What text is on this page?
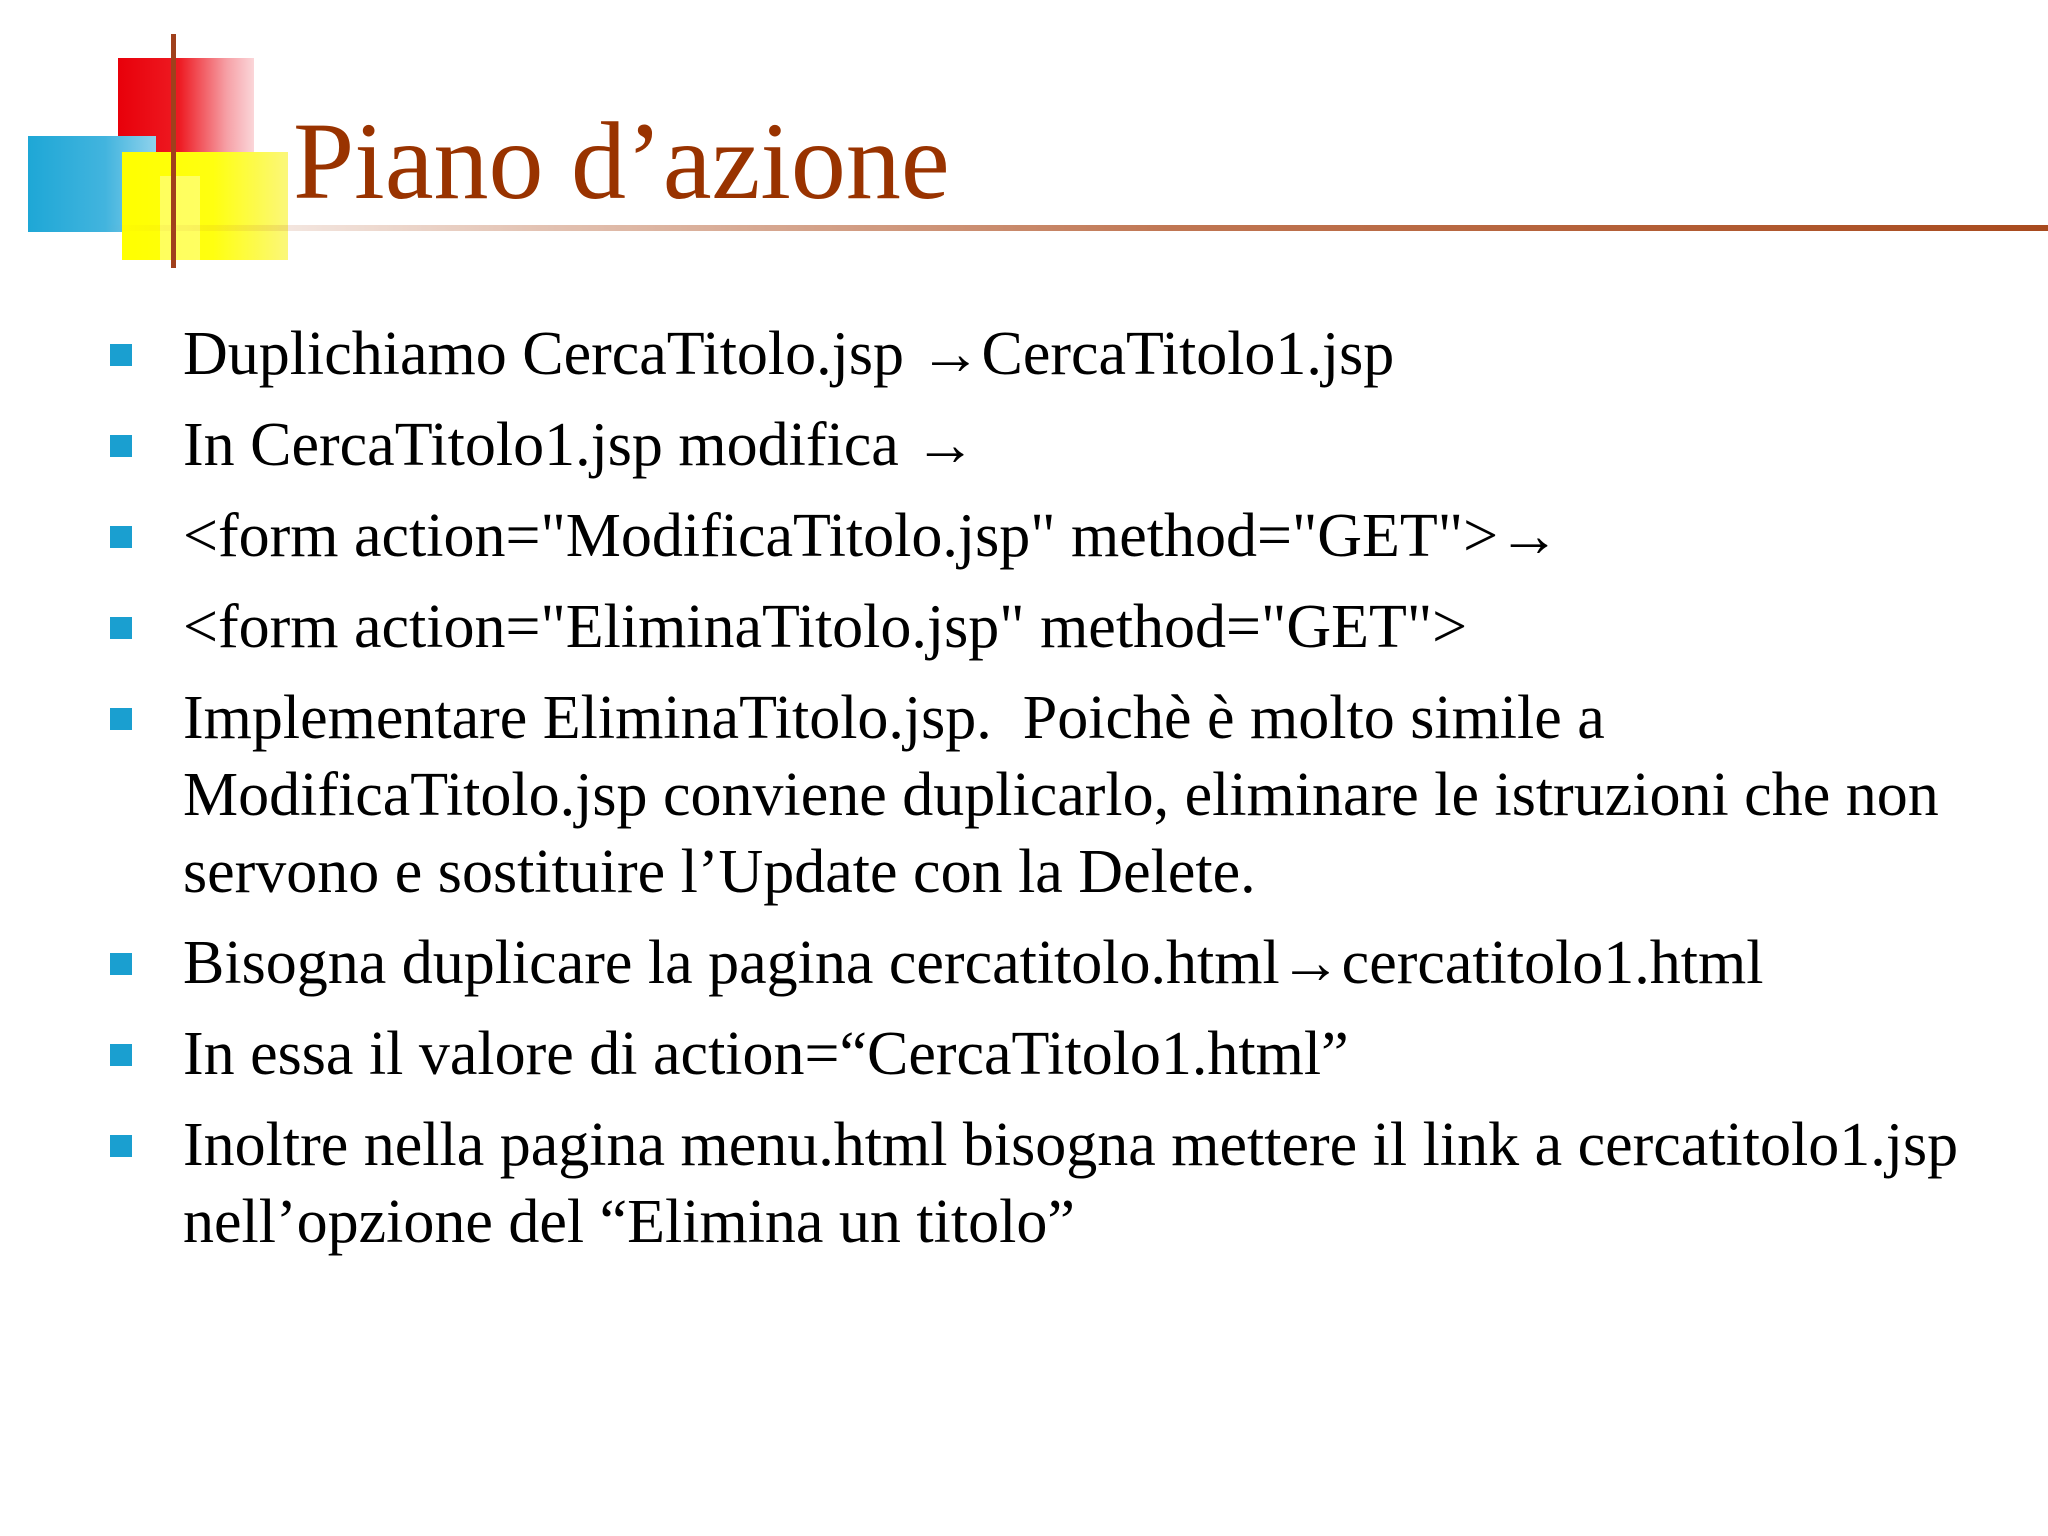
Piano d’azione
Duplichiamo CercaTitolo.jsp →CercaTitolo1.jsp
In CercaTitolo1.jsp modifica →
<form action="ModificaTitolo.jsp" method="GET">→
<form action="EliminaTitolo.jsp" method="GET">
Implementare EliminaTitolo.jsp.  Poichè è molto simile a ModificaTitolo.jsp conviene duplicarlo, eliminare le istruzioni che non servono e sostituire l’Update con la Delete.
Bisogna duplicare la pagina cercatitolo.html→cercatitolo1.html
In essa il valore di action=“CercaTitolo1.html”
Inoltre nella pagina menu.html bisogna mettere il link a cercatitolo1.jsp nell’opzione del “Elimina un titolo”
